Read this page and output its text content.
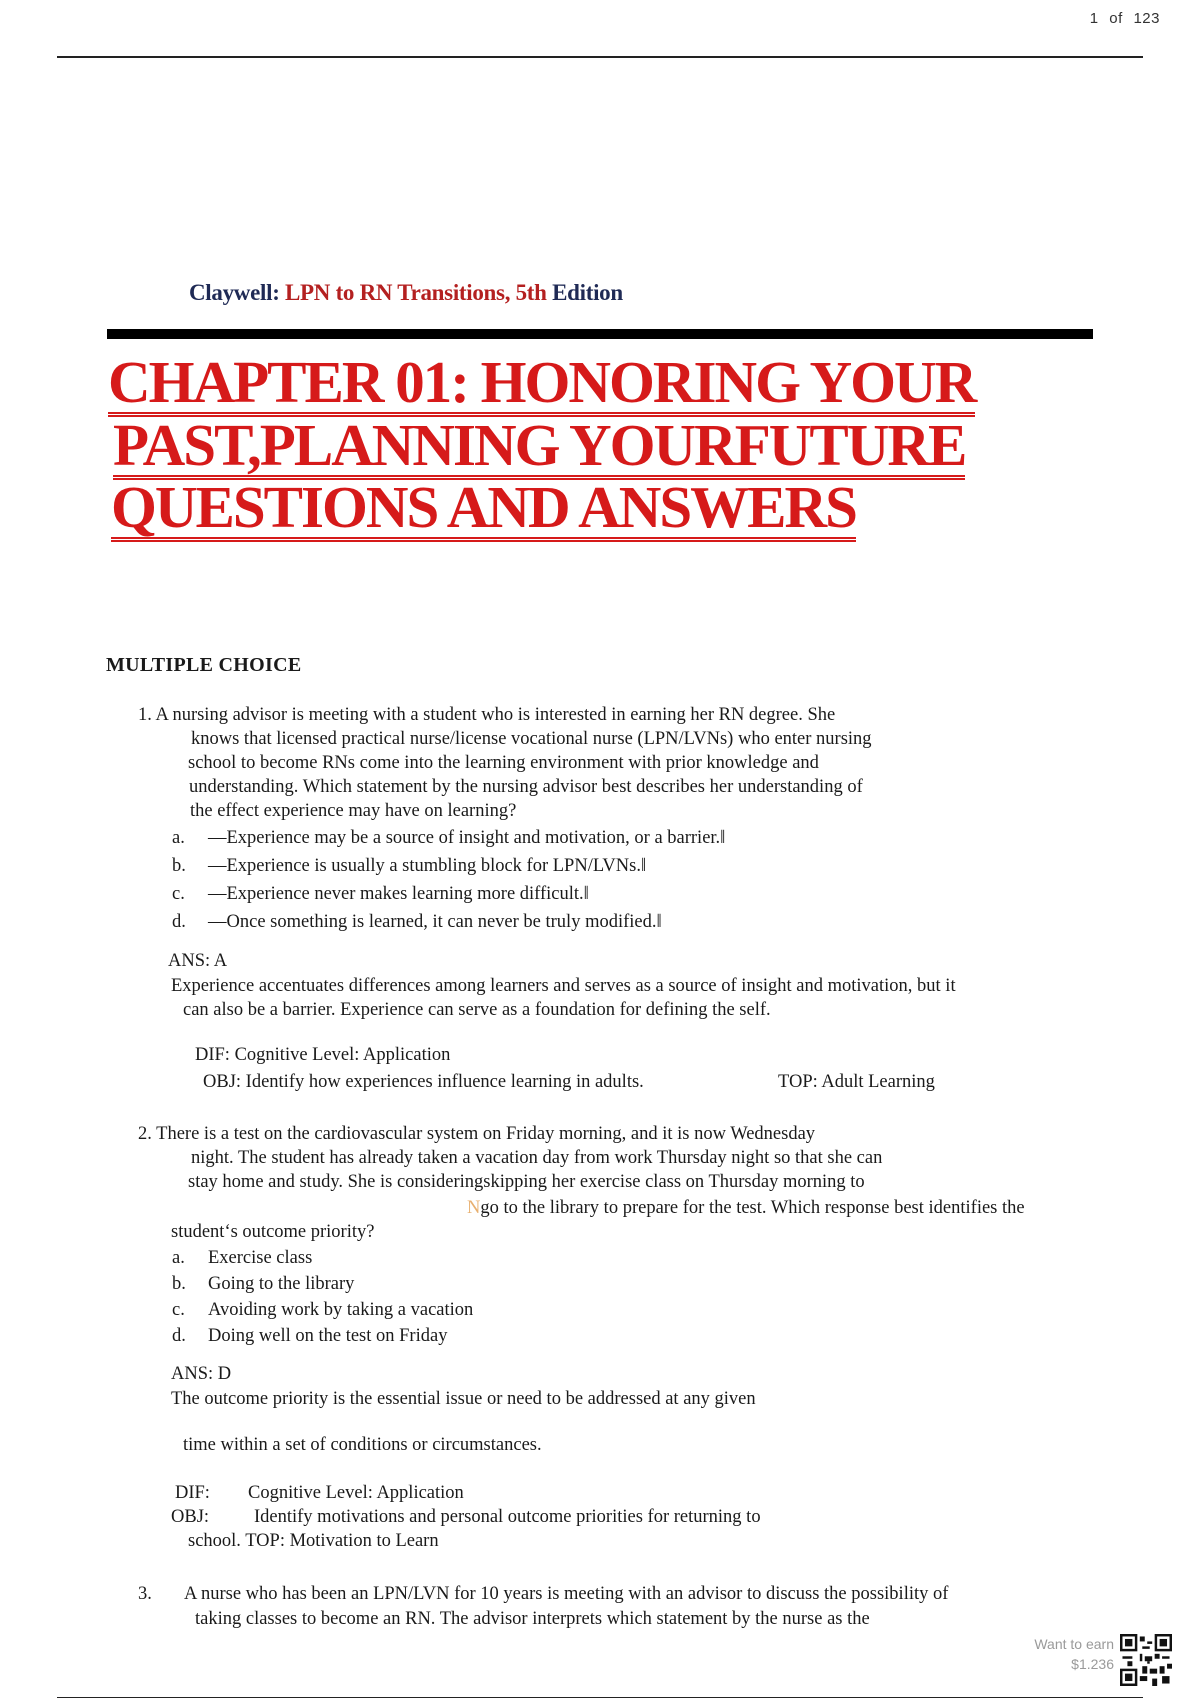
1 of 123
Claywell: LPN to RN Transitions, 5th Edition
CHAPTER 01: HONORING YOUR
PAST,PLANNING YOURFUTURE
QUESTIONS AND ANSWERS
MULTIPLE CHOICE
1. A nursing advisor is meeting with a student who is interested in earning her RN degree. She
knows that licensed practical nurse/license vocational nurse (LPN/LVNs) who enter nursing
school to become RNs come into the learning environment with prior knowledge and
understanding. Which statement by the nursing advisor best describes her understanding of
the effect experience may have on learning?
a. —Experience may be a source of insight and motivation, or a barrier.‖
b. —Experience is usually a stumbling block for LPN/LVNs.‖
c. —Experience never makes learning more difficult.‖
d. —Once something is learned, it can never be truly modified.‖
ANS: A
Experience accentuates differences among learners and serves as a source of insight and motivation, but it
can also be a barrier. Experience can serve as a foundation for defining the self.
DIF: Cognitive Level: Application
OBJ: Identify how experiences influence learning in adults.	TOP: Adult Learning
2. There is a test on the cardiovascular system on Friday morning, and it is now Wednesday
night. The student has already taken a vacation day from work Thursday night so that she can
stay home and study. She is consideringskipping her exercise class on Thursday morning to
Ngo to the library to prepare for the test. Which response best identifies the
student‘s outcome priority?
a. Exercise class
b. Going to the library
c. Avoiding work by taking a vacation
d. Doing well on the test on Friday
ANS: D
The outcome priority is the essential issue or need to be addressed at any given
time within a set of conditions or circumstances.
DIF: Cognitive Level: Application
OBJ: Identify motivations and personal outcome priorities for returning to
school. TOP: Motivation to Learn
3. A nurse who has been an LPN/LVN for 10 years is meeting with an advisor to discuss the possibility of
taking classes to become an RN. The advisor interprets which statement by the nurse as the
Want to earn
$1.236
